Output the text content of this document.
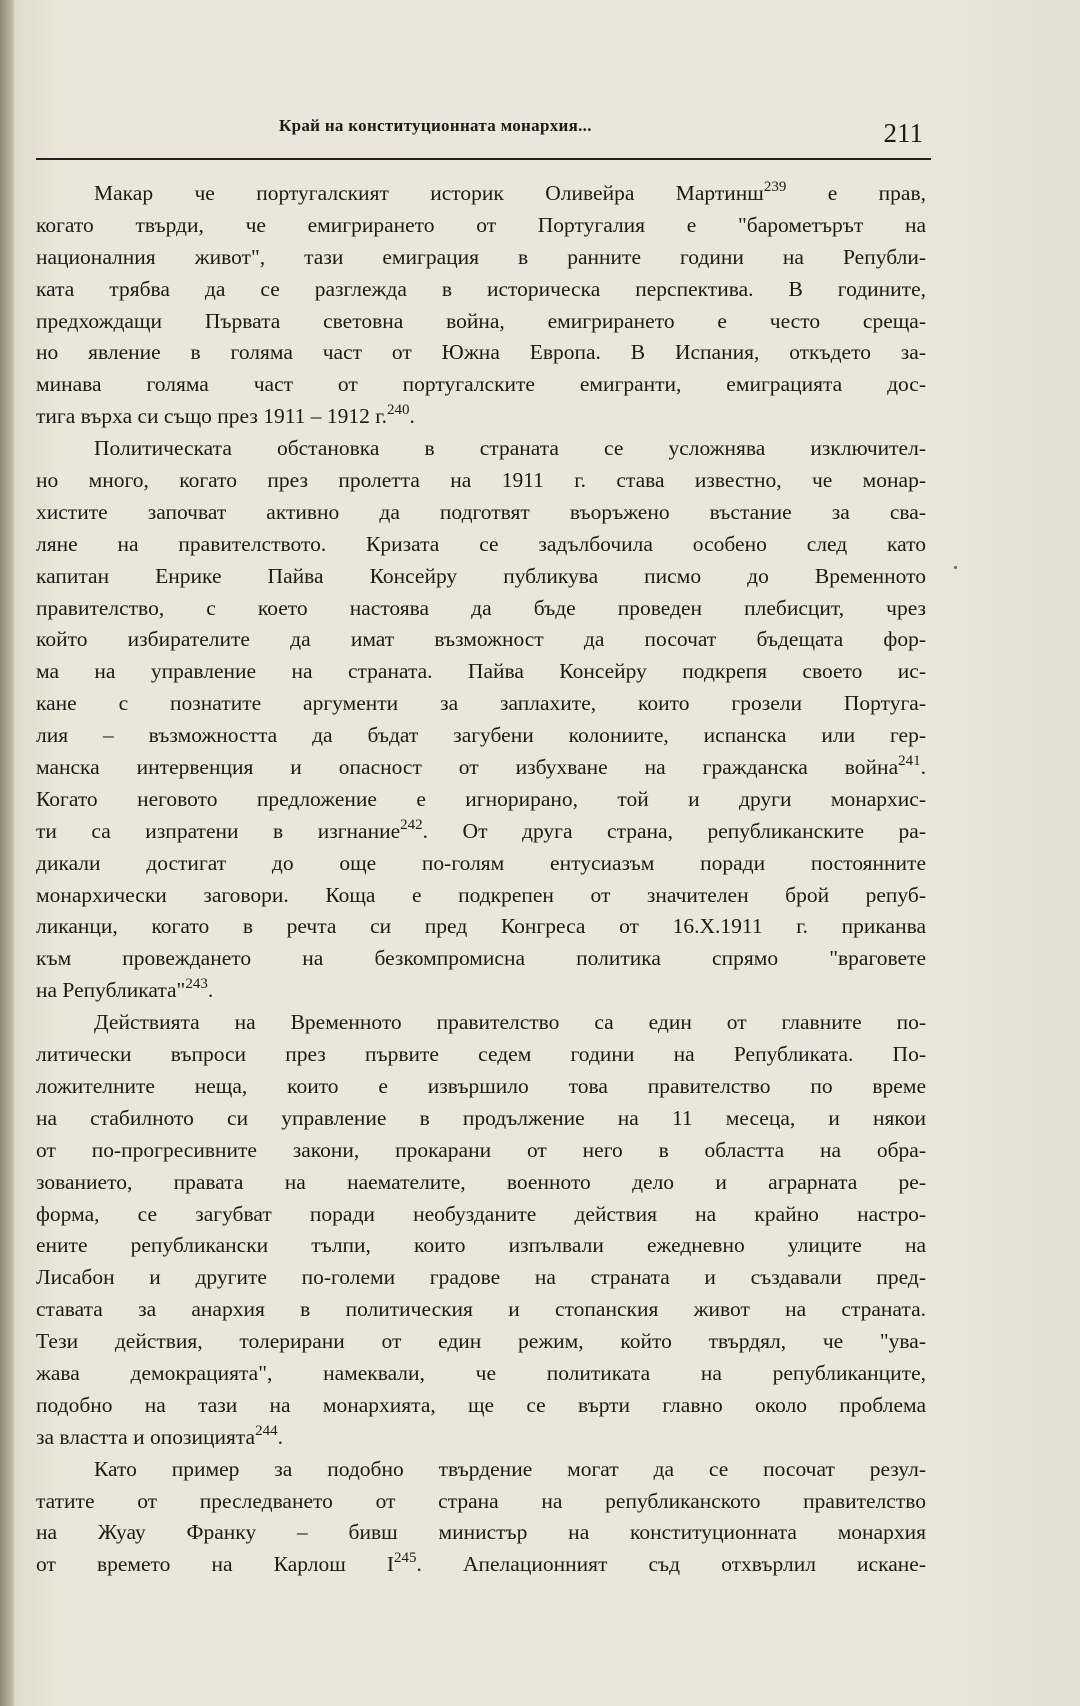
Край на конституционната монархия...	211
Макар че португалският историк Оливейра Мартинш$^{239}$ е прав,
когато твърди, че емигрирането от Португалия е "барометърът на
националния живот", тази емиграция в ранните години на Републи-
ката трябва да се разглежда в историческа перспектива. В годините,
предхождащи Първата световна война, емигрирането е често среща-
но явление в голяма част от Южна Европа. В Испания, откъдето за-
минава голяма част от португалските емигранти, емиграцията дос-
тига върха си също през 1911 – 1912 г.$^{240}$.
Политическата обстановка в страната се усложнява изключител-
но много, когато през пролетта на 1911 г. става известно, че монар-
хистите започват активно да подготвят въоръжено въстание за сва-
ляне на правителството. Кризата се задълбочила особено след като
капитан Енрике Пайва Консейру публикува писмо до Временното
правителство, с което настоява да бъде проведен плебисцит, чрез
който избирателите да имат възможност да посочат бъдещата фор-
ма на управление на страната. Пайва Консейру подкрепя своето ис-
кане с познатите аргументи за заплахите, които грозели Португа-
лия – възможността да бъдат загубени колониите, испанска или гер-
манска интервенция и опасност от избухване на гражданска война$^{241}$.
Когато неговото предложение е игнорирано, той и други монархис-
ти са изпратени в изгнание$^{242}$. От друга страна, републиканските ра-
дикали достигат до още по-голям ентусиазъм поради постоянните
монархически заговори. Коща е подкрепен от значителен брой репуб-
ликанци, когато в речта си пред Конгреса от 16.X.1911 г. приканва
към провеждането на безкомпромисна политика спрямо "враговете
на Републиката"$^{243}$.
Действията на Временното правителство са един от главните по-
литически въпроси през първите седем години на Републиката. По-
ложителните неща, които е извършило това правителство по време
на стабилното си управление в продължение на 11 месеца, и някои
от по-прогресивните закони, прокарани от него в областта на обра-
зованието, правата на наемателите, военното дело и аграрната ре-
форма, се загубват поради необузданите действия на крайно настро-
ените републикански тълпи, които изпълвали ежедневно улиците на
Лисабон и другите по-големи градове на страната и създавали пред-
ставата за анархия в политическия и стопанския живот на страната.
Тези действия, толерирани от един режим, който твърдял, че "ува-
жава демокрацията", намеквали, че политиката на републиканците,
подобно на тази на монархията, ще се върти главно около проблема
за властта и опозицията$^{244}$.
Като пример за подобно твърдение могат да се посочат резул-
татите от преследването от страна на републиканското правителство
на Жуау Франку – бивш министър на конституционната монархия
от времето на Карлош $I^{245}$. Апелационният съд отхвърлил искане-
